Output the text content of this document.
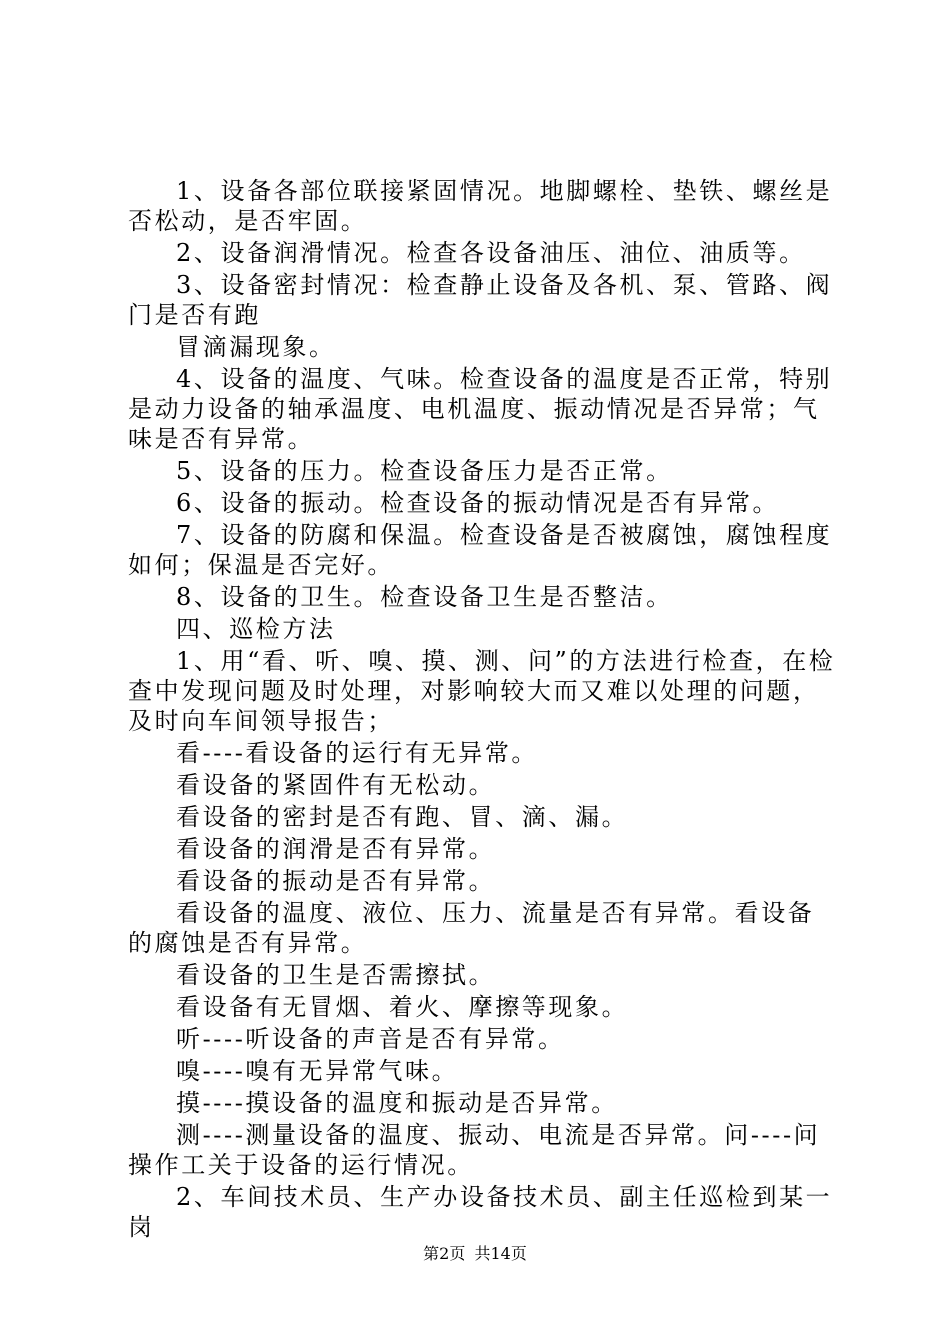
1、设备各部位联接紧固情况。地脚螺栓、垫铁、螺丝是否松动，是否牢固。

2、设备润滑情况。检查各设备油压、油位、油质等。

3、设备密封情况：检查静止设备及各机、泵、管路、阀门是否有跑

冒滴漏现象。

4、设备的温度、气味。检查设备的温度是否正常，特别是动力设备的轴承温度、电机温度、振动情况是否异常；气味是否有异常。

5、设备的压力。检查设备压力是否正常。

6、设备的振动。检查设备的振动情况是否有异常。

7、设备的防腐和保温。检查设备是否被腐蚀，腐蚀程度如何；保温是否完好。

8、设备的卫生。检查设备卫生是否整洁。

四、巡检方法

1、用“看、听、嗅、摸、测、问”的方法进行检查，在检查中发现问题及时处理，对影响较大而又难以处理的问题，及时向车间领导报告；

看----看设备的运行有无异常。

看设备的紧固件有无松动。

看设备的密封是否有跑、冒、滴、漏。

看设备的润滑是否有异常。

看设备的振动是否有异常。

看设备的温度、液位、压力、流量是否有异常。看设备的腐蚀是否有异常。

看设备的卫生是否需擦拭。

看设备有无冒烟、着火、摩擦等现象。

听----听设备的声音是否有异常。

嗅----嗅有无异常气味。

摸----摸设备的温度和振动是否异常。

测----测量设备的温度、振动、电流是否异常。问----问操作工关于设备的运行情况。

2、车间技术员、生产办设备技术员、副主任巡检到某一岗

第2页 共14页
